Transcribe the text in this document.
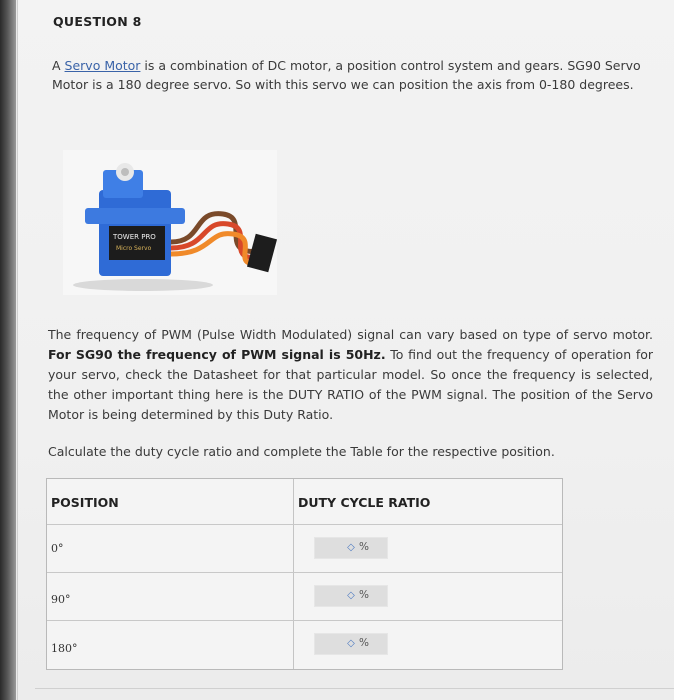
QUESTION 8
A Servo Motor is a combination of DC motor, a position control system and gears. SG90 Servo Motor is a 180 degree servo. So with this servo we can position the axis from 0-180 degrees.
TOWER PRO
Micro Servo
The frequency of PWM (Pulse Width Modulated) signal can vary based on type of servo motor. For SG90 the frequency of PWM signal is 50Hz. To find out the frequency of operation for your servo, check the Datasheet for that particular model. So once the frequency is selected, the other important thing here is the DUTY RATIO of the PWM signal. The position of the Servo Motor is being determined by this Duty Ratio.
Calculate the duty cycle ratio and complete the Table for the respective position.
POSITION	DUTY CYCLE RATIO
0°	◇ %
90°	◇ %
180°	◇ %
